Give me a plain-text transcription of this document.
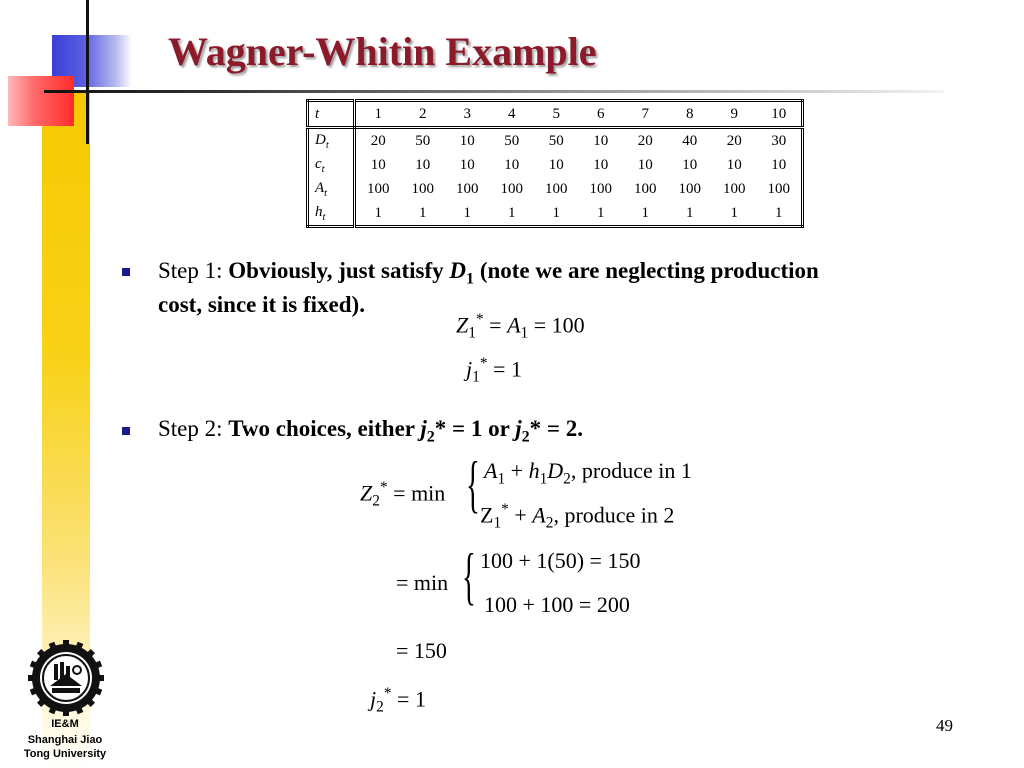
Wagner-Whitin Example
t	1	2	3	4	5	6	7	8	9	10
$D_t$	20	50	10	50	50	10	20	40	20	30
$c_t$	10	10	10	10	10	10	10	10	10	10
$A_t$	100	100	100	100	100	100	100	100	100	100
$h_t$	1	1	1	1	1	1	1	1	1	1
Step 1: Obviously, just satisfy $D_1$ (note we are neglecting production
cost, since it is fixed).
$Z_1^* = A_1 = 100$
$j_1^* = 1$
Step 2: Two choices, either $j_2* = 1$ or $j_2* = 2$.
$Z_2^* = \min$ { $A_1 + h_1D_2$, produce in 1
$Z_1^* + A_2$, produce in 2
= min { 100 + 1(50) = 150
100 + 100 = 200
= 150
$j_2^* = 1$
IE&M
Shanghai Jiao
Tong University
49
